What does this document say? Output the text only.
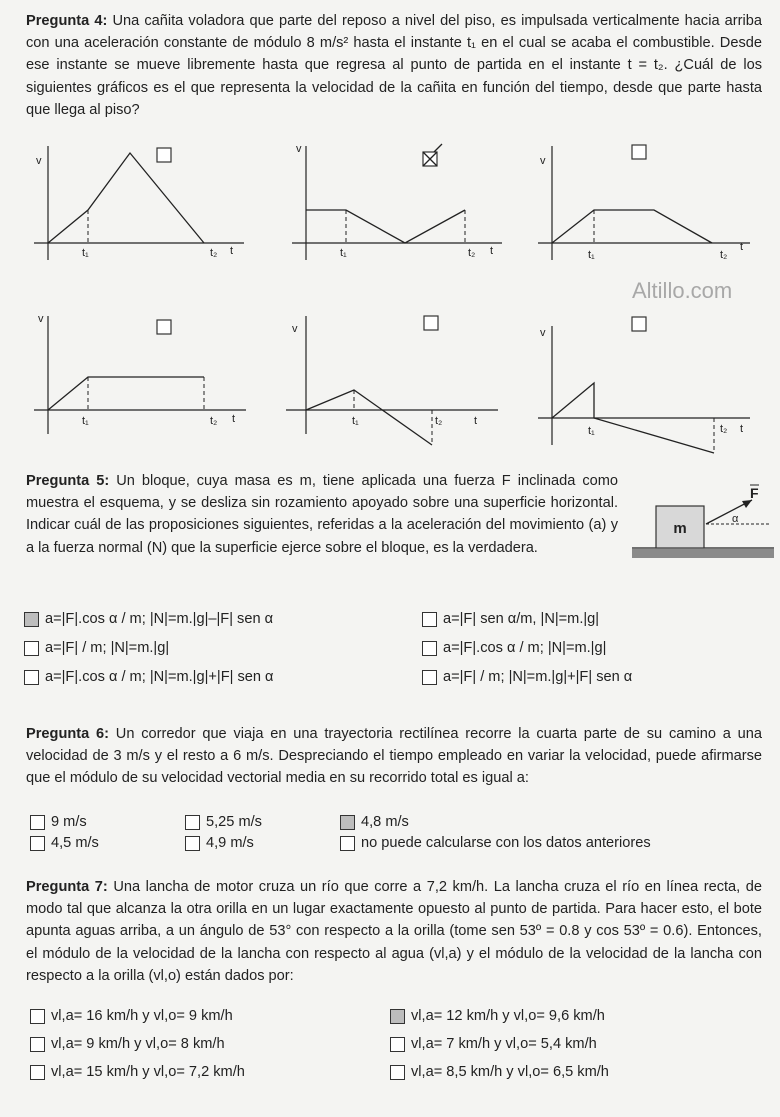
Pregunta 4: Una cañita voladora que parte del reposo a nivel del piso, es impulsada verticalmente hacia arriba con una aceleración constante de módulo 8 m/s² hasta el instante t₁ en el cual se acaba el combustible. Desde ese instante se mueve libremente hasta que regresa al punto de partida en el instante t = t₂. ¿Cuál de los siguientes gráficos es el que representa la velocidad de la cañita en función del tiempo, desde que parte hasta que llega al piso?
Altillo.com
v
t₁	t₂ t
v
t₁	t₂ t
v
t₁	t₂
t
v
t₁	t₂ t
v
t₁	t₂	t
v
t₁	t₂ t
Pregunta 5: Un bloque, cuya masa es m, tiene aplicada una fuerza F inclinada como muestra el esquema, y se desliza sin rozamiento apoyado sobre una superficie horizontal. Indicar cuál de las proposiciones siguientes, referidas a la aceleración del movimiento (a) y a la fuerza normal (N) que la superficie ejerce sobre el bloque, es la verdadera.
m
α
F
a=|F|.cos α / m; |N|=m.|g|–|F| sen α
a=|F| / m; |N|=m.|g|
a=|F|.cos α / m; |N|=m.|g|+|F| sen α
a=|F| sen α/m, |N|=m.|g|
a=|F|.cos α / m; |N|=m.|g|
a=|F| / m; |N|=m.|g|+|F| sen α
Pregunta 6: Un corredor que viaja en una trayectoria rectilínea recorre la cuarta parte de su camino a una velocidad de 3 m/s y el resto a 6 m/s. Despreciando el tiempo empleado en variar la velocidad, puede afirmarse que el módulo de su velocidad vectorial media en su recorrido total es igual a:
9 m/s
4,5 m/s
5,25 m/s
4,9 m/s
4,8 m/s
no puede calcularse con los datos anteriores
Pregunta 7: Una lancha de motor cruza un río que corre a 7,2 km/h. La lancha cruza el río en línea recta, de modo tal que alcanza la otra orilla en un lugar exactamente opuesto al punto de partida. Para hacer esto, el bote apunta aguas arriba, a un ángulo de 53° con respecto a la orilla (tome sen 53º = 0.8 y cos 53º = 0.6). Entonces, el módulo de la velocidad de la lancha con respecto al agua (vl,a) y el módulo de la velocidad de la lancha con respecto a la orilla (vl,o) están dados por:
vl,a= 16 km/h y vl,o= 9 km/h
vl,a= 9 km/h y vl,o= 8 km/h
vl,a= 15 km/h y vl,o= 7,2 km/h
vl,a= 12 km/h y vl,o= 9,6 km/h
vl,a= 7 km/h y vl,o= 5,4 km/h
vl,a= 8,5 km/h y vl,o= 6,5 km/h
